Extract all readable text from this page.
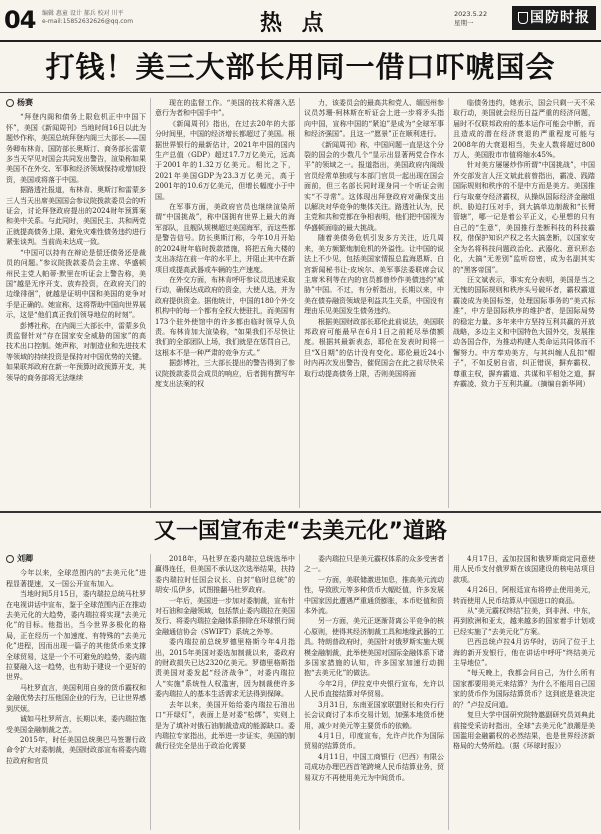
04 编辑 惠童 设计 郝兵 校对 川平
e-mail:15852632626@qq.com	热 点	2023.5.22
星期一	国防时报
打钱！美三大部长用同一借口吓唬国会
杨赛

“拜登内阁和债务上限危机正中中国下怀”，美国《新闻周刊》当地时间16日以此为题炒作称，美国总统拜登内阁三大部长——国务卿布林肯、国防部长奥斯汀、商务部长雷蒙多当天罕见对国会共同发出警告，渲染称如果美国不在外交、军事和经济领域保持或增加投资，美国或将落于中国。

据路透社报道，布林肯、奥斯汀和雷蒙多三人当天出席美国国会参议院拨款委员会的听证会，讨论拜登政府提出的2024财年预算案和美中关系。与此同时，美国民主、共和两党正就提高债务上限、避免灾难性债务违约进行紧张谈判。当前尚未达成一致。

“中国可以持有在辩论是偿还债务还是裁员的问题。”参议院拨款委员会主席、华盛顿州民主党人帕蒂·默里在听证会上警告称，美国“越是无序开支、放弃投资，在政府关门的边缘徘徊”，就越是证明中国和美国的竞争对手是正确的。她宣称，这将帮助中国向世界展示，这是“他们真正我们领导地位的时刻”。

彭博社称，在内阁三大部长中，雷蒙多负责监督针对“存在国家安全威胁的国家”的高技术出口控制。她声称，对制造业和先进技术等领域的持续投资是保持对中国优势的关键。如果联邦政府在新一年预算时政预算开支，其领导的商务部将无法继续

现在的监督工作。“美国的技术将落入恶意行为者和中国手中”。

《新闻周刊》指出，在过去20年的大部分时间里，中国的经济增长都超过了美国。根据世界银行的最新估计，2021年中国的国内生产总值（GDP）超过17.7万亿美元，远高于2001年的1.32万亿美元。相比之下，2021年美国GDP为23.3万亿美元，高于2001年的10.6万亿美元，但增长幅度小于中国。

在军事方面，美政府官员也继续渲染所谓“中国挑战”，称中国拥有世界上最大的海军部队，且舰队规模超过美国海军，而这些都是警告信号。防长奥斯汀称，今年10月开始的2024财年临时拨款措施，将把五角大楼的支出冻结在前一年的水平上，并阻止其中在新项目或提高武器或车辆的生产速度。

在外交方面，布林肯呼吁参议员迅速采取行动，确保达成政府的资金，大使人选，并为政府提供资金。据他统计，中国的180个外交机构中的每一个都有全权大使驻扎，而美国有173个驻外使馆中的许多都由临时领导人负责。布林肯加大渲染称，“如果我们不尽快让我们的全部团队上场，我们就是在惩罚自己，这根本不是一种严肃的竞争方式。”

据彭博社，三大部长提出的警告得到了参议院拨款委员会成员的响应，后者拥有撰写年度支出法案的权

力，该委员会的最高共和党人、缅因州参议员苏珊·柯林斯在听证会上进一步将矛头指向中国，宣称中国的“紧迫”是成为“全球军事和经济强国”。且这一“愿景”正在顺利进行。

《新闻周刊》称，中国问题一直是这个分裂的国会的少数几个“显示出显著两党合作水平”的领域之一。报道指出，美国政府内阁级官员经常单独或与本部门官员一起出现在国会面前，但三名部长同时现身同一个听证会则实“不寻常”。这体现出拜登政府对确保支出以解决对华竞争的集体关注。路透社认为，民主党和共和党都在争相表明，他们把中国视为华盛顿面临的最大挑战。

随着美债务危机引发多方关注，近几周来，美方频繁炮制危机的外溢性。让中国的说法上不少见，包括美国家情报总监海恩斯、白宫新闻秘书让-皮埃尔、美军事法委联席会议主席米利等在内的官员都曾炒作美债违约“威胁”中国。不过，有分析指出，长期以来，中美在债券融资领域是利益共生关系，中国没有理由乐见美国发生债务违约。

根据美国财政部长耶伦此前说法，美国联邦政府可能最早在6月1日之前耗尽举债额度。根据其最新表态，耶伦在发表时间将一旦“X日期”的估计没有变化。耶伦最近24小时内再次发出警告，催促国会在此之前尽快采取行动提高债务上限，否则美国将面

临债务违约，她表示，国会只剩一天不采取行动，美国就会经历日益严重的经济问题，届时不仅联邦政府的基本运作可能会中断，而且造成的潜在经济衰退的严重程度可能与2008年的大衰退相当，失业人数将超过800万人，美国股市市值将缩水45%。

针对美方屡屡炒作所谓“中国挑战”，中国外交部发言人汪文斌此前曾指出，霸凌、践踏国际规则和秩序的不是中方而是美方。美国推行与取豪夺经济霸权，从操纵国际经济金融组织、胁迫打压对手，到大搞单边制裁和“长臂管辖”，哪一记是着公平正义，心里想的只有自己的“生意”，美国推行垄断科技的科技霸权，借保护知识产权之名大搞垄断，以国家安全为名将科技问题政治化、武器化、意识形态化，大搞“无差别”监听窃密，成为名副其实的“黑客帝国”。

汪文斌表示，事实充分表明，美国是当之无愧的国际规则和秩序头号破坏者，霸权霸道霸凌成为美国标签，处理国际事务的“美式标准”，中方是国际秩序的维护者，是国际局势的稳定力量。多年来中方坚持互利共赢的开放战略，多边主义和中国特色大国外交，发展推动各国合作，为推动构建人类命运共同体而不懈努力。中方奉劝美方，与其纠缠人乱扣“帽子”，不如反躬自省，纠正错误，摒弃霸权、尊重主权，摒弃霸道、共谋和平相处之道，摒弃霸凌、致力于互利共赢。（摘编自新华网）

又一国宣布走“去美元化”道路
刘卿

今年以来，全球范围内的“去美元化”进程显著提速，又一国公开宣布加入。

当地时间5月15日，委内瑞拉总统马杜罗在电视讲话中宣布，鉴于全球范围内正在推动去美元化的大趋势，委内瑞拉将实现“去美元化”的目标。他指出，当今世界多极化的格局，正在经历一个加速度、有特殊的“去美元化”进程，因而出现一篇子的其他货币来支撑全球贸易，这是一个不可避免的趋势，委内瑞拉要融入这一趋势，也有助于建设一个更好的世界。

马杜罗直言，美国利用自身的货币霸权和金融优势去打压他国企业的行为，已让世界感到厌烦。

诚如马杜罗所言，长期以来，委内瑞拉饱受美国金融制裁之苦。

2015年，时任美国总统奥巴马签署行政命令扩大对委制裁，美国财政部宣布将委内瑞拉政府和官员

2018年，马杜罗在委内瑞拉总统选举中赢得连任，但美国不承认这次选举结果，扶持委内瑞拉时任国会议长、自封“临时总统”的胡安·瓜伊多，试图推翻马杜罗政府。

一年后，美国进一步加对委制裁，宣布针对石油和金融领域，包括禁止委内瑞拉在美国发行、将委内瑞拉金融体系排除在环球银行间金融通信协会（SWIFT）系统之外等。

委内瑞拉前总统罗德里格斯今年4月指出，2015年美国对委选加制裁以来，委政府的财政损失已达2320亿美元。罗德里格斯指责美国对委发起“经济战争”，对委内瑞拉人“实施”系统性人权滥害，因为制裁使许多委内瑞拉人的基本生活需求无法得到保障。

去年以来，美国开始给委内瑞拉石油出口“开绿灯”，表面上是对委“松绑”，实则上是为了填补对俄石油制裁造成的能源缺口。委内瑞拉专家指出，此举进一步证实，美国的制裁行径完全是出于政治化需要

委内瑞拉只是美元霸权体系的众多受害者之一。

一方面，美联储激进加息，推高美元流动性，导致欧元等多种货币大幅贬值，许多发展中国家因此遭遇严重通货膨胀，本币贬值和资本外流。

另一方面，美元正逐渐背离公平竞争的核心原则，使得其经济制裁工具和地缘武器的工具。特朗普政府时，美国针对俄罗斯实施大规模金融制裁，此举使美国对国际金融体系下诸多国家措施的认知，许多国家加速行动拥抱“去美元化”的做法。

今年2月，伊拉克中央银行宣布，允许以人民币直接结算对华贸易。

3月31日，东南亚国家联盟财长和央行行长会议商讨了本币交易计划，加强本地货币使用，减少对美元等主要货币的依赖。

4月1日，印度宣布，允许卢比作为国际贸易的结算货币。

4月11日，中国工商银行（巴西）有限公司成功办理巴西首笔跨境人民币结算业务，贸易双方不再使用美元为中间货币。

4月17日，孟加拉国和俄罗斯商定同意使用人民币支付俄罗斯在该国建设的核电站项目款项。

4月26日，阿根廷宣布将停止使用美元，转而使用人民币结算从中国进口的商品。

从“美元霸权终结”拉美，到非洲、中东，再到欧洲和亚太，越来越多的国家着手计划或已经实施了“去美元化”方案。

巴西总统卢拉4月访华时，访问了位于上海的新开发银行，他在讲话中呼吁“终结美元主导地位”。

“每天晚上，我都会问自己，为什么所有国家都要用美元来结算？为什么不能用自己国家的货币作为国际结算货币？这到底是谁决定的？”卢拉反问道。

复旦大学中国研究院特邀副研究员刘典此前接受采访时指出，全球“去美元化”浪潮是美国滥用金融霸权的必然结果，也是世界经济新格局的大势所趋。（据《环球时报》）
